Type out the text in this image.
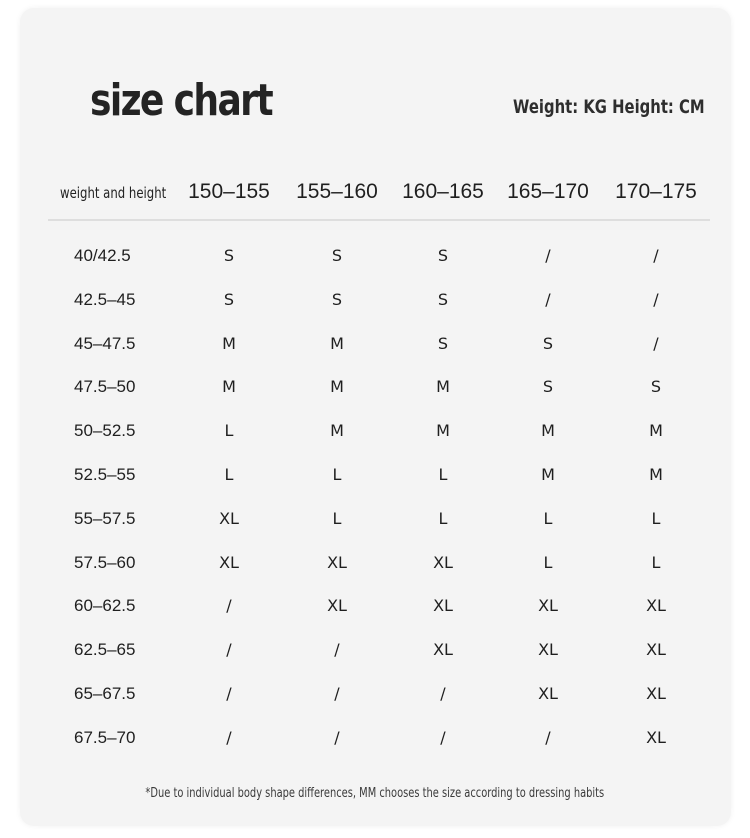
size chart	Weight: KG Height: CM
weight and height	150–155	155–160	160–165	165–170	170–175
40/42.5	S	S	S	/	/
42.5–45	S	S	S	/	/
45–47.5	M	M	S	S	/
47.5–50	M	M	M	S	S
50–52.5	L	M	M	M	M
52.5–55	L	L	L	M	M
55–57.5	XL	L	L	L	L
57.5–60	XL	XL	XL	L	L
60–62.5	/	XL	XL	XL	XL
62.5–65	/	/	XL	XL	XL
65–67.5	/	/	/	XL	XL
67.5–70	/	/	/	/	XL
*Due to individual body shape differences, MM chooses the size according to dressing habits
